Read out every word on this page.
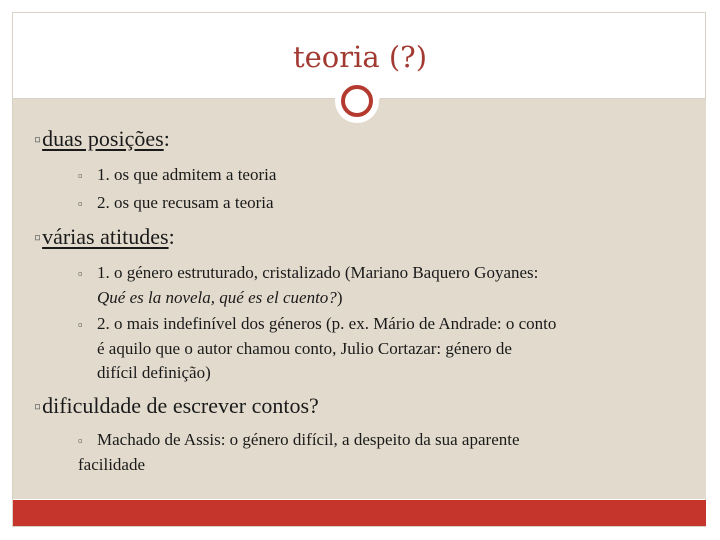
teoria (?)
▫duas posições:
▫ 1. os que admitem a teoria
▫ 2. os que recusam a teoria
▫várias atitudes:
▫ 1. o género estruturado, cristalizado (Mariano Baquero Goyanes:
Qué es la novela, qué es el cuento?)
▫ 2. o mais indefinível dos géneros (p. ex. Mário de Andrade: o conto
é aquilo que o autor chamou conto, Julio Cortazar: género de
difícil definição)
▫dificuldade de escrever contos?
▫ Machado de Assis: o género difícil, a despeito da sua aparente
facilidade
